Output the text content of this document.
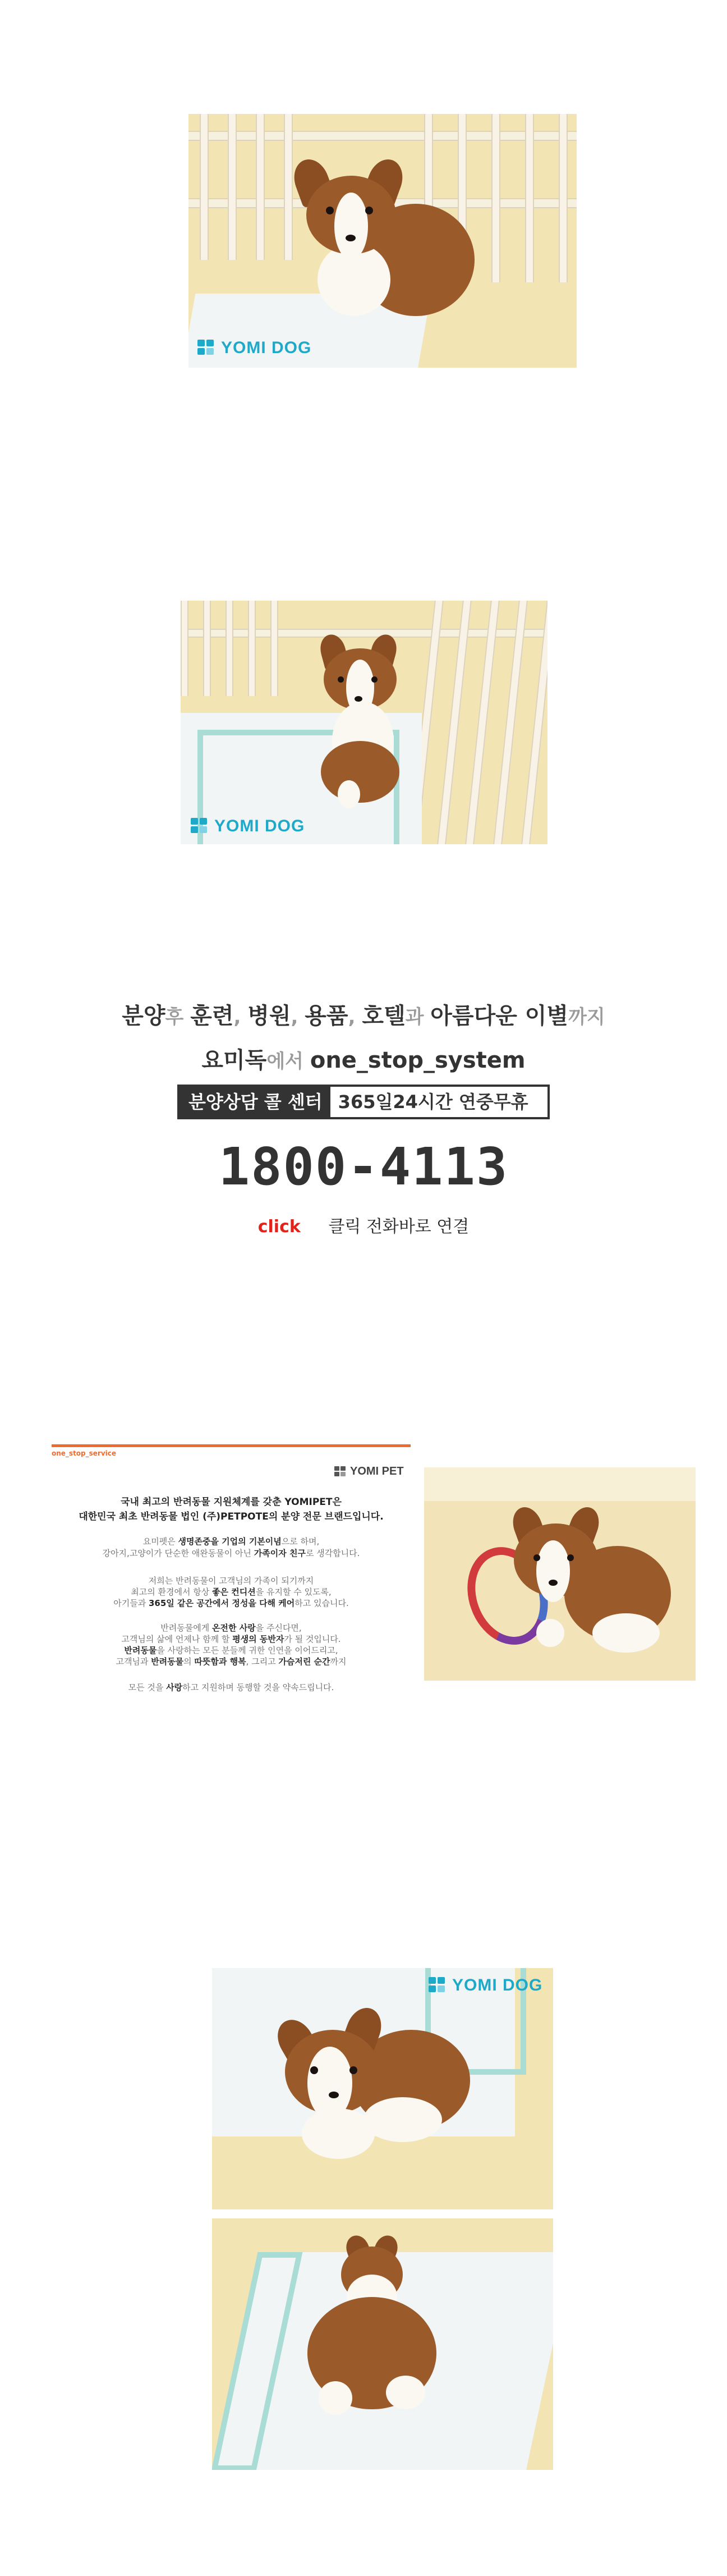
YOMI DOG
YOMI DOG
분양후 훈련, 병원, 용품, 호텔과 아름다운 이별까지
요미독에서 one_stop_system
분양상담 콜 센터 365일24시간 연중무휴
1800-4113
click 클릭 전화바로 연결
one_stop_service
YOMI PET
국내 최고의 반려동물 지원체계를 갖춘 YOMIPET은
대한민국 최초 반려동물 법인 (주)PETPOTE의 분양 전문 브랜드입니다.
요미펫은 생명존중을 기업의 기본이념으로 하며,
강아지,고양이가 단순한 애완동물이 아닌 가족이자 친구로 생각합니다.
저희는 반려동물이 고객님의 가족이 되기까지
최고의 환경에서 항상 좋은 컨디션을 유지할 수 있도록,
아기들과 365일 같은 공간에서 정성을 다해 케어하고 있습니다.
반려동물에게 온전한 사랑을 주신다면,
고객님의 삶에 언제나 함께 할 평생의 동반자가 될 것입니다.
반려동물을 사랑하는 모든 분들께 귀한 인연을 이어드리고,
고객님과 반려동물의 따뜻함과 행복, 그리고 가슴저린 순간까지
모든 것을 사랑하고 지원하며 동행할 것을 약속드립니다.
YOMI DOG
